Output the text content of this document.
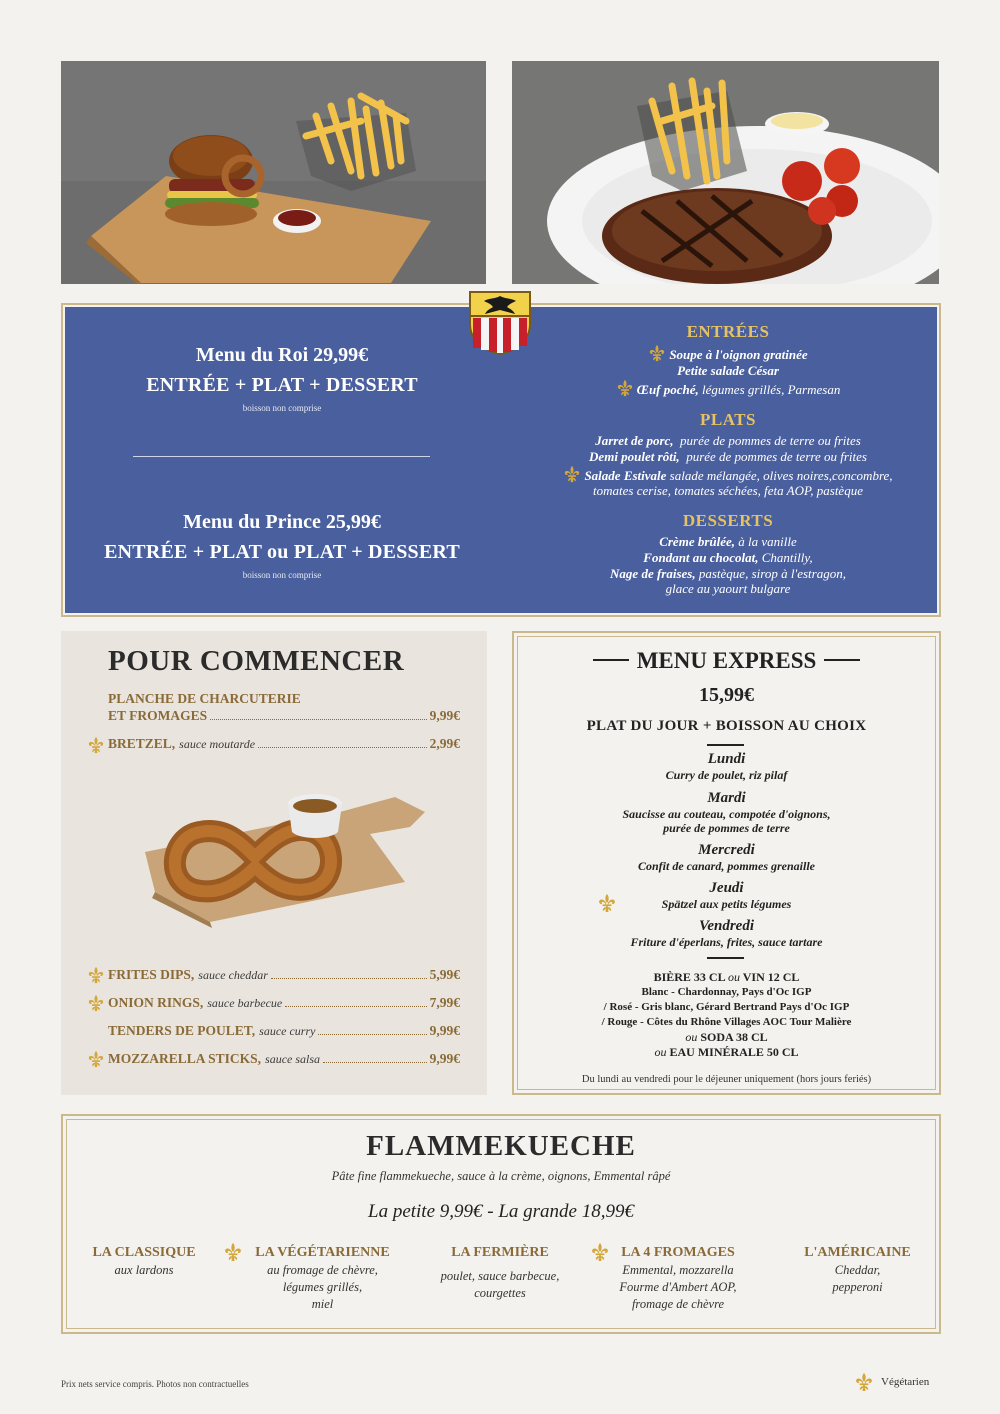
Menu du Roi 29,99€
ENTRÉE + PLAT + DESSERT
boisson non comprise
Menu du Prince 25,99€
ENTRÉE + PLAT ou PLAT + DESSERT
boisson non comprise
ENTRÉES
Soupe à l'oignon gratinée
Petite salade César
Œuf poché, légumes grillés, Parmesan
PLATS
Jarret de porc, purée de pommes de terre ou frites
Demi poulet rôti, purée de pommes de terre ou frites
Salade Estivale salade mélangée, olives noires,concombre,
tomates cerise, tomates séchées, feta AOP, pastèque
DESSERTS
Crème brûlée, à la vanille
Fondant au chocolat, Chantilly,
Nage de fraises, pastèque, sirop à l'estragon,
glace au yaourt bulgare
POUR COMMENCER
PLANCHE DE CHARCUTERIE
ET FROMAGES	9,99€
BRETZEL, sauce moutarde	2,99€
FRITES DIPS, sauce cheddar	5,99€
ONION RINGS, sauce barbecue	7,99€
TENDERS DE POULET, sauce curry	9,99€
MOZZARELLA STICKS, sauce salsa	9,99€
MENU EXPRESS
15,99€
PLAT DU JOUR + BOISSON AU CHOIX
Lundi
Curry de poulet, riz pilaf
Mardi
Saucisse au couteau, compotée d'oignons,
purée de pommes de terre
Mercredi
Confit de canard, pommes grenaille
Jeudi
Spätzel aux petits légumes
Vendredi
Friture d'éperlans, frites, sauce tartare
BIÈRE 33 CL ou VIN 12 CL
Blanc - Chardonnay, Pays d'Oc IGP
/ Rosé - Gris blanc, Gérard Bertrand Pays d'Oc IGP
/ Rouge - Côtes du Rhône Villages AOC Tour Malière
ou SODA 38 CL
ou EAU MINÉRALE 50 CL
Du lundi au vendredi pour le déjeuner uniquement (hors jours feriés)
FLAMMEKUECHE
Pâte fine flammekueche, sauce à la crème, oignons, Emmental râpé
La petite 9,99€ - La grande 18,99€
LA CLASSIQUE
aux lardons
LA VÉGÉTARIENNE
au fromage de chèvre,
légumes grillés,
miel
LA FERMIÈRE
poulet, sauce barbecue,
courgettes
LA 4 FROMAGES
Emmental, mozzarella
Fourme d'Ambert AOP,
fromage de chèvre
L'AMÉRICAINE
Cheddar,
pepperoni
Prix nets service compris. Photos non contractuelles	Végétarien
